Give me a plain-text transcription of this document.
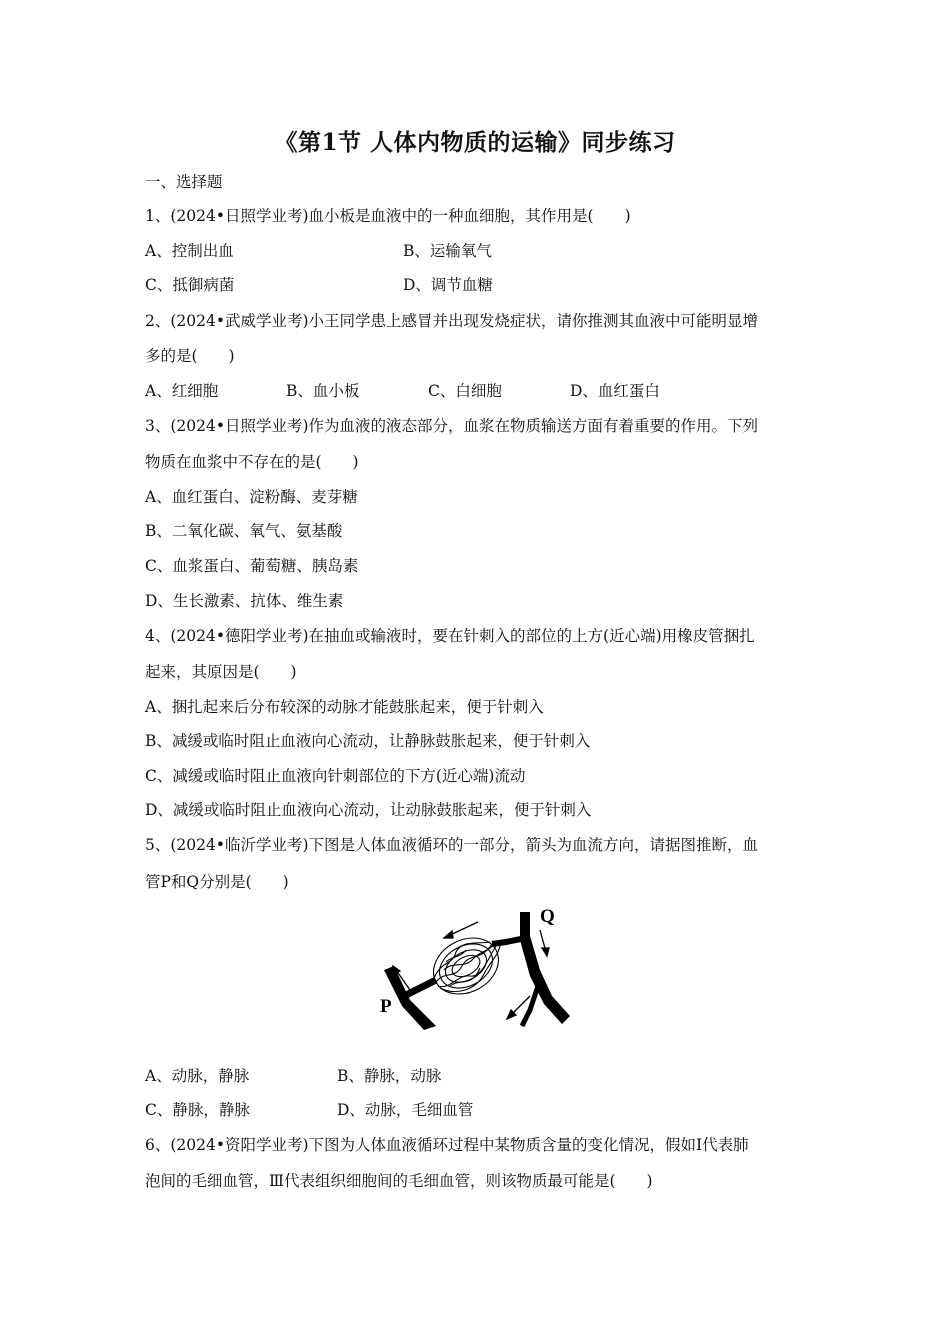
《第1节 人体内物质的运输》同步练习
一、选择题
1、(2024•日照学业考)血小板是血液中的一种血细胞，其作用是(　　)
A、控制出血	B、运输氧气
C、抵御病菌	D、调节血糖
2、(2024•武威学业考)小王同学患上感冒并出现发烧症状，请你推测其血液中可能明显增
多的是(　　)
A、红细胞	B、血小板	C、白细胞	D、血红蛋白
3、(2024•日照学业考)作为血液的液态部分，血浆在物质输送方面有着重要的作用。下列
物质在血浆中不存在的是(　　)
A、血红蛋白、淀粉酶、麦芽糖
B、二氧化碳、氧气、氨基酸
C、血浆蛋白、葡萄糖、胰岛素
D、生长激素、抗体、维生素
4、(2024•德阳学业考)在抽血或输液时，要在针刺入的部位的上方(近心端)用橡皮管捆扎
起来，其原因是(　　)
A、捆扎起来后分布较深的动脉才能鼓胀起来，便于针刺入
B、减缓或临时阻止血液向心流动，让静脉鼓胀起来，便于针刺入
C、减缓或临时阻止血液向针刺部位的下方(近心端)流动
D、减缓或临时阻止血液向心流动，让动脉鼓胀起来，便于针刺入
5、(2024•临沂学业考)下图是人体血液循环的一部分，箭头为血流方向，请据图推断，血
管P和Q分别是(　　)
P
Q
A、动脉，静脉	B、静脉，动脉
C、静脉，静脉	D、动脉，毛细血管
6、(2024•资阳学业考)下图为人体血液循环过程中某物质含量的变化情况，假如Ⅰ代表肺
泡间的毛细血管，Ⅲ代表组织细胞间的毛细血管，则该物质最可能是(　　)
